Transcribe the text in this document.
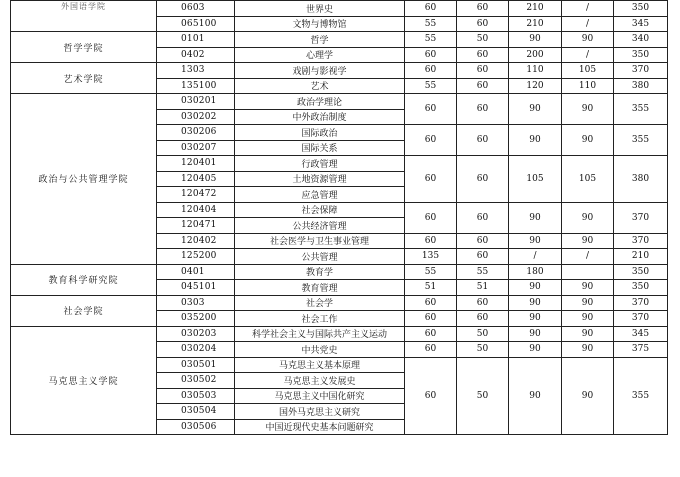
外国语学院	0603	世界史	60	60	210	/	350
	065100	文物与博物馆	55	60	210	/	345
哲学学院	0101	哲学	55	50	90	90	340
	0402	心理学	60	60	200	/	350
艺术学院	1303	戏剧与影视学	60	60	110	105	370
	135100	艺术	55	60	120	110	380
政治与公共管理学院	030201	政治学理论	60	60	90	90	355
	030202	中外政治制度					
	030206	国际政治	60	60	90	90	355
	030207	国际关系					
	120401	行政管理	60	60	105	105	380
	120405	土地资源管理					
	120472	应急管理					
	120404	社会保障	60	60	90	90	370
	120471	公共经济管理					
	120402	社会医学与卫生事业管理	60	60	90	90	370
	125200	公共管理	135	60	/	/	210
教育科学研究院	0401	教育学	55	55	180		350
	045101	教育管理	51	51	90	90	350
社会学院	0303	社会学	60	60	90	90	370
	035200	社会工作	60	60	90	90	370
马克思主义学院	030203	科学社会主义与国际共产主义运动	60	50	90	90	345
	030204	中共党史	60	50	90	90	375
	030501	马克思主义基本原理	60	50	90	90	355
	030502	马克思主义发展史					
	030503	马克思主义中国化研究					
	030504	国外马克思主义研究					
	030506	中国近现代史基本问题研究					
